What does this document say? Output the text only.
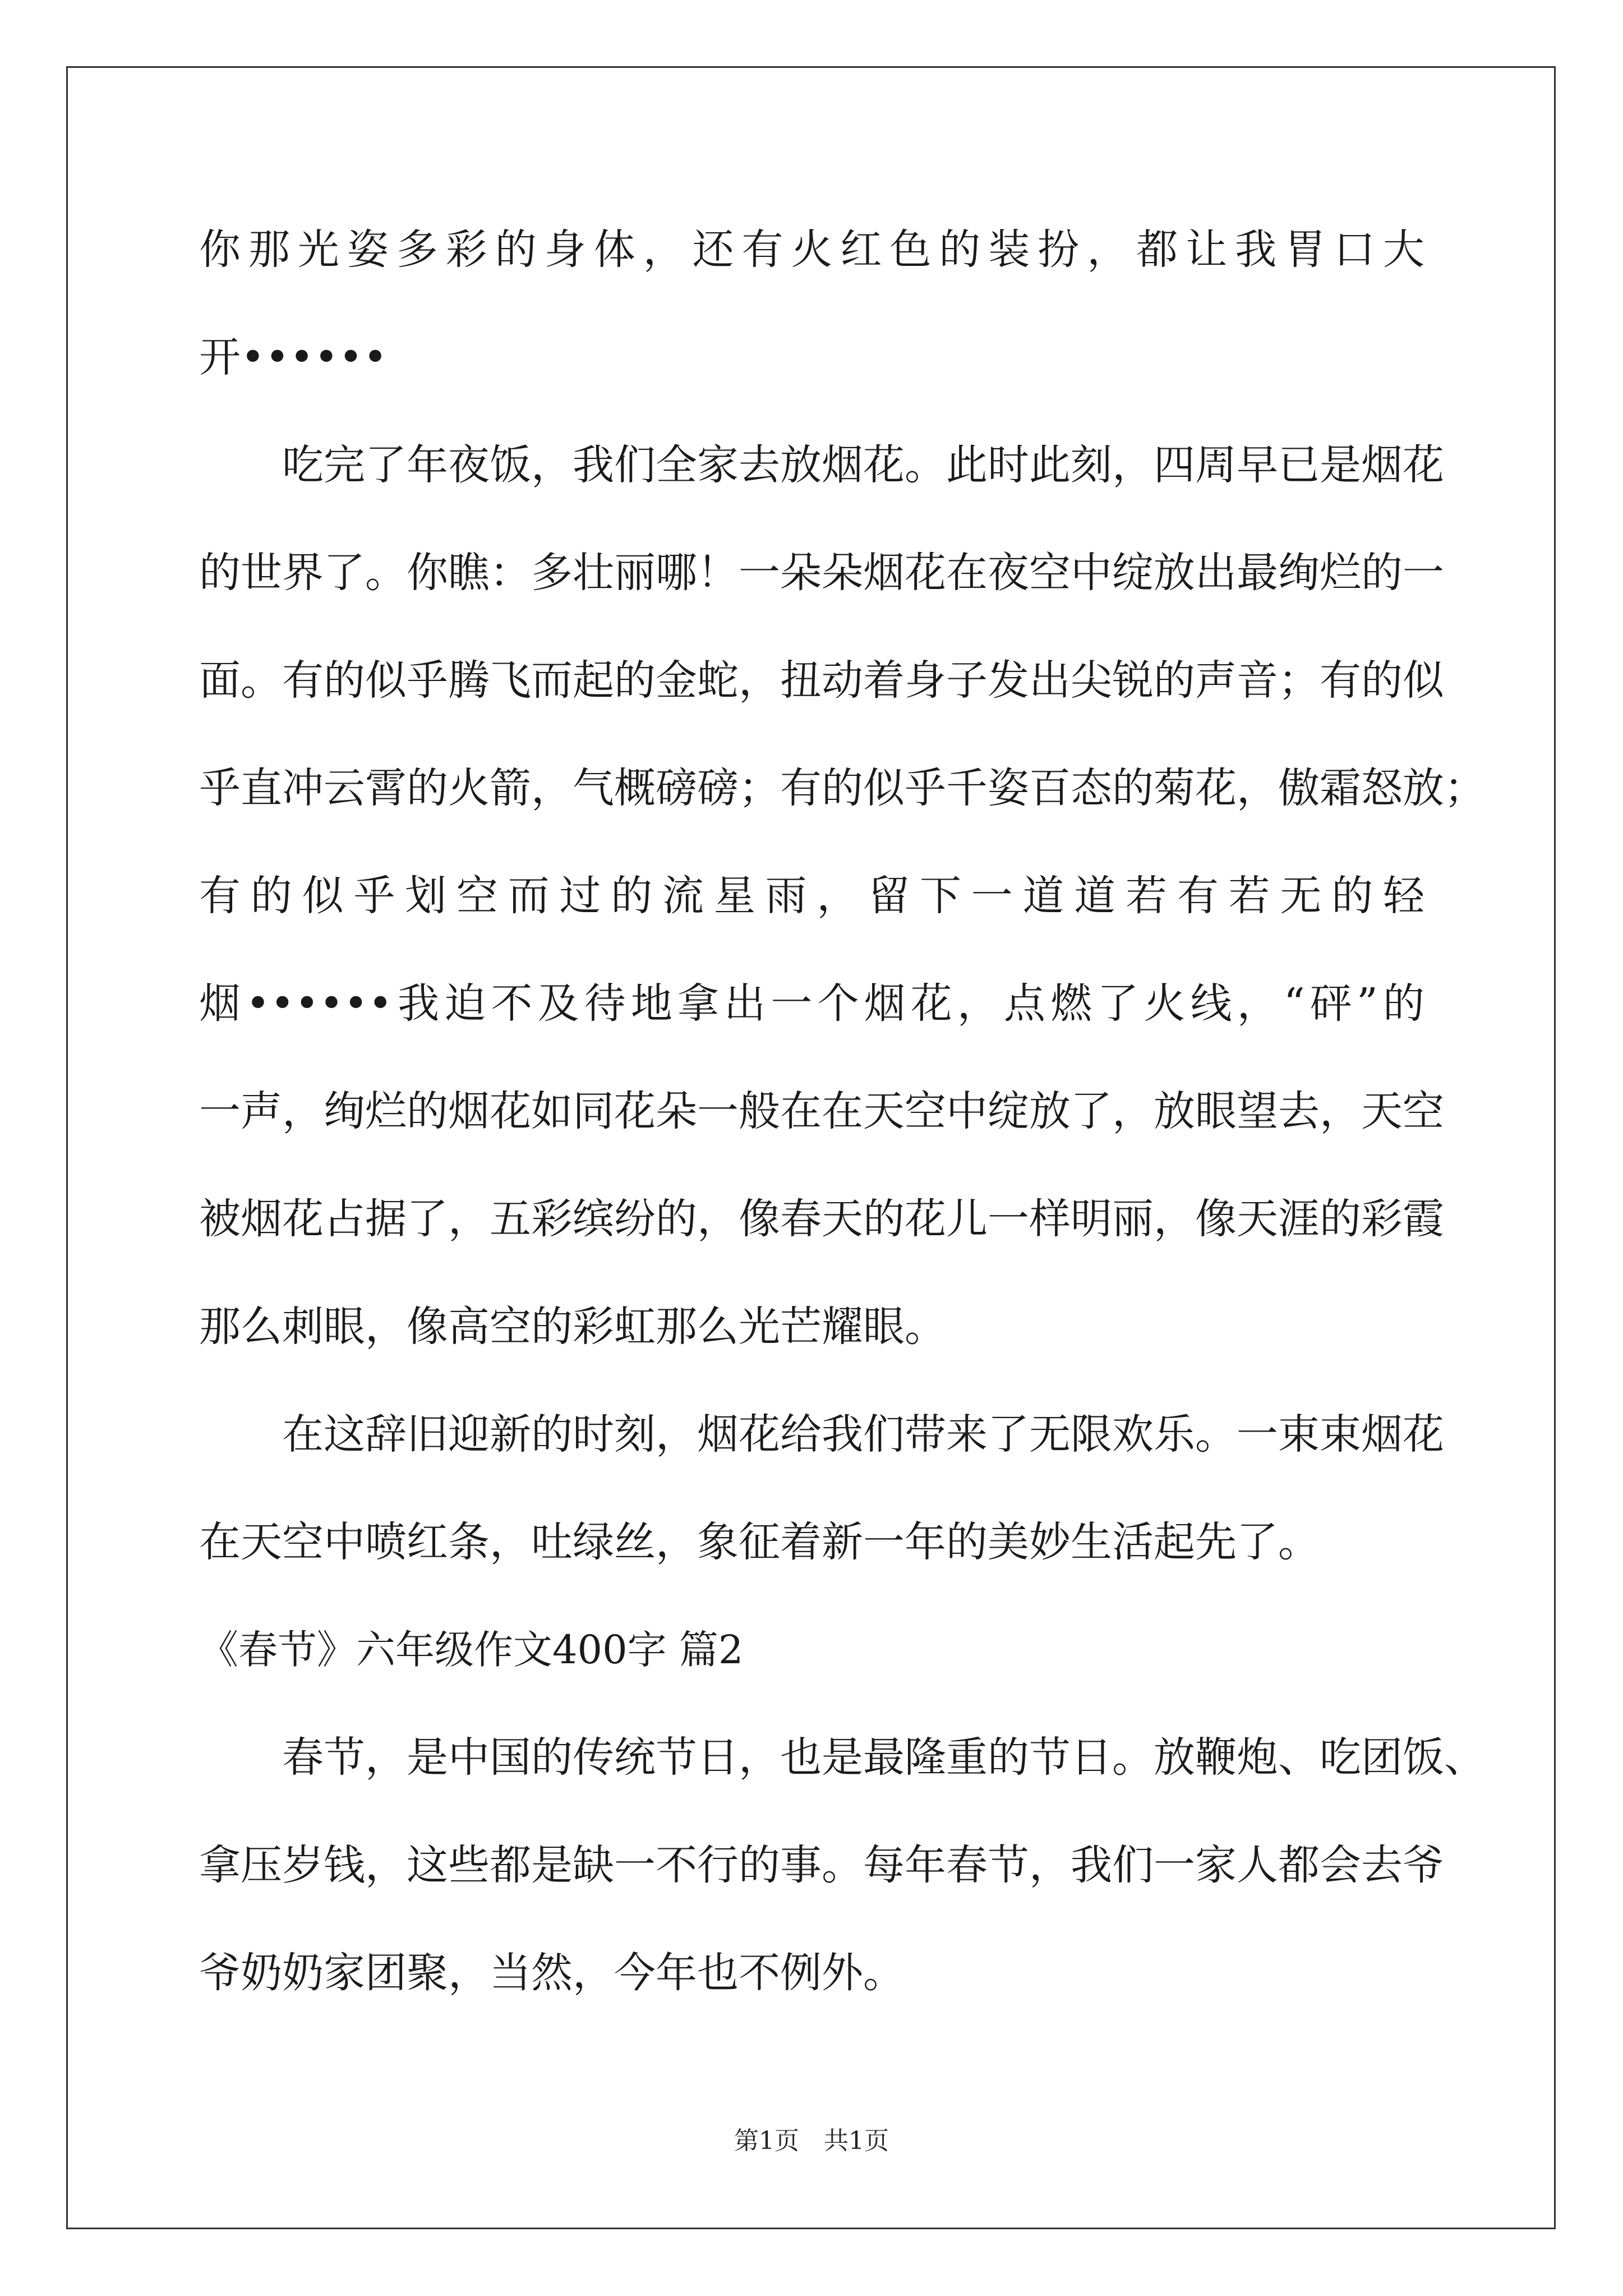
你那光姿多彩的身体，还有火红色的装扮，都让我胃口大
开••••••
吃完了年夜饭，我们全家去放烟花。此时此刻，四周早已是烟花
的世界了。你瞧：多壮丽哪！一朵朵烟花在夜空中绽放出最绚烂的一
面。有的似乎腾飞而起的金蛇，扭动着身子发出尖锐的声音；有的似
乎直冲云霄的火箭，气概磅磅；有的似乎千姿百态的菊花，傲霜怒放；
有的似乎划空而过的流星雨，留下一道道若有若无的轻
烟••••••我迫不及待地拿出一个烟花，点燃了火线，“砰”的
一声，绚烂的烟花如同花朵一般在在天空中绽放了，放眼望去，天空
被烟花占据了，五彩缤纷的，像春天的花儿一样明丽，像天涯的彩霞
那么刺眼，像高空的彩虹那么光芒耀眼。
在这辞旧迎新的时刻，烟花给我们带来了无限欢乐。一束束烟花
在天空中喷红条，吐绿丝，象征着新一年的美妙生活起先了。
《春节》六年级作文400字 篇2
春节，是中国的传统节日，也是最隆重的节日。放鞭炮、吃团饭、
拿压岁钱，这些都是缺一不行的事。每年春节，我们一家人都会去爷
爷奶奶家团聚，当然，今年也不例外。
第1页　共1页
